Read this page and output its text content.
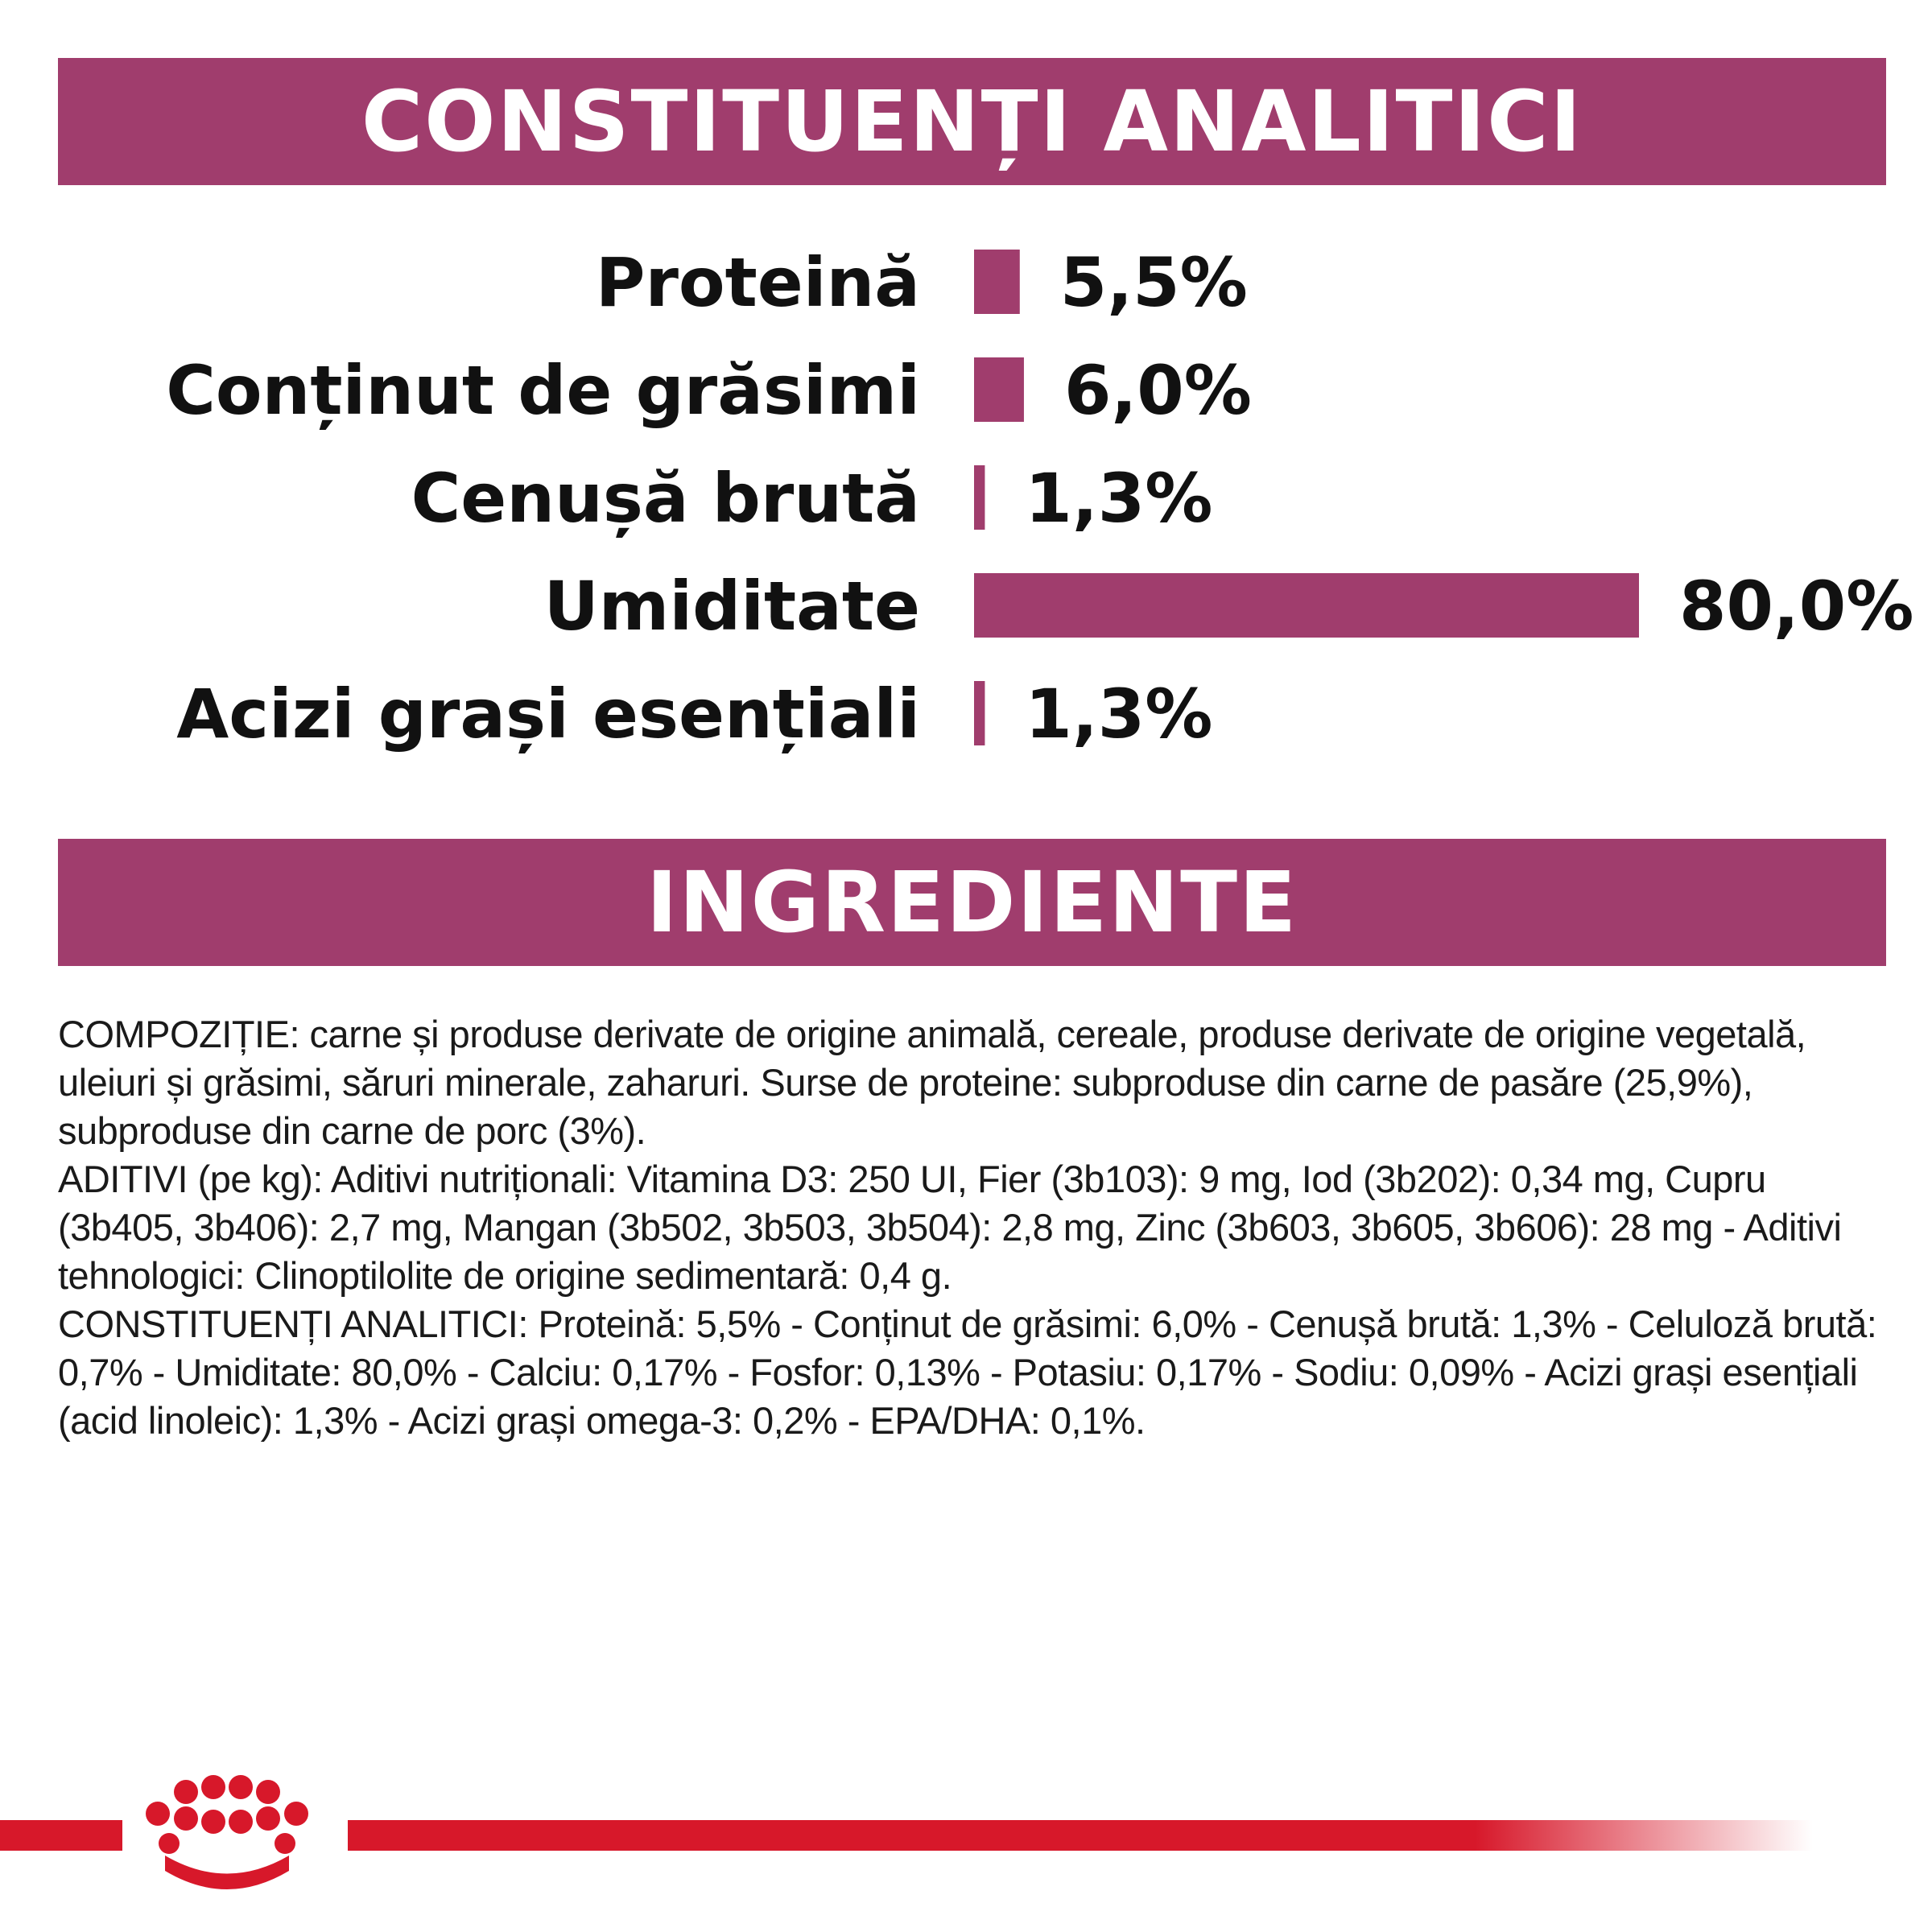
CONSTITUENȚI ANALITICI
Proteină 5,5%
Conținut de grăsimi 6,0%
Cenușă brută 1,3%
Umiditate	80,0%
Acizi grași esențiali 1,3%
INGREDIENTE

COMPOZIȚIE: carne și produse derivate de origine animală, cereale, produse derivate de origine vegetală, uleiuri și grăsimi, săruri minerale, zaharuri. Surse de proteine: subproduse din carne de pasăre (25,9%), subproduse din carne de porc (3%).

ADITIVI (pe kg): Aditivi nutriționali: Vitamina D3: 250 UI, Fier (3b103): 9 mg, Iod (3b202): 0,34 mg, Cupru (3b405, 3b406): 2,7 mg, Mangan (3b502, 3b503, 3b504): 2,8 mg, Zinc (3b603, 3b605, 3b606): 28 mg - Aditivi tehnologici: Clinoptilolite de origine sedimentară: 0,4 g.

CONSTITUENȚI ANALITICI: Proteină: 5,5% - Conținut de grăsimi: 6,0% - Cenușă brută: 1,3% - Celuloză brută: 0,7% - Umiditate: 80,0% - Calciu: 0,17% - Fosfor: 0,13% - Potasiu: 0,17% - Sodiu: 0,09% - Acizi grași esențiali (acid linoleic): 1,3% - Acizi grași omega-3: 0,2% - EPA/DHA: 0,1%.
